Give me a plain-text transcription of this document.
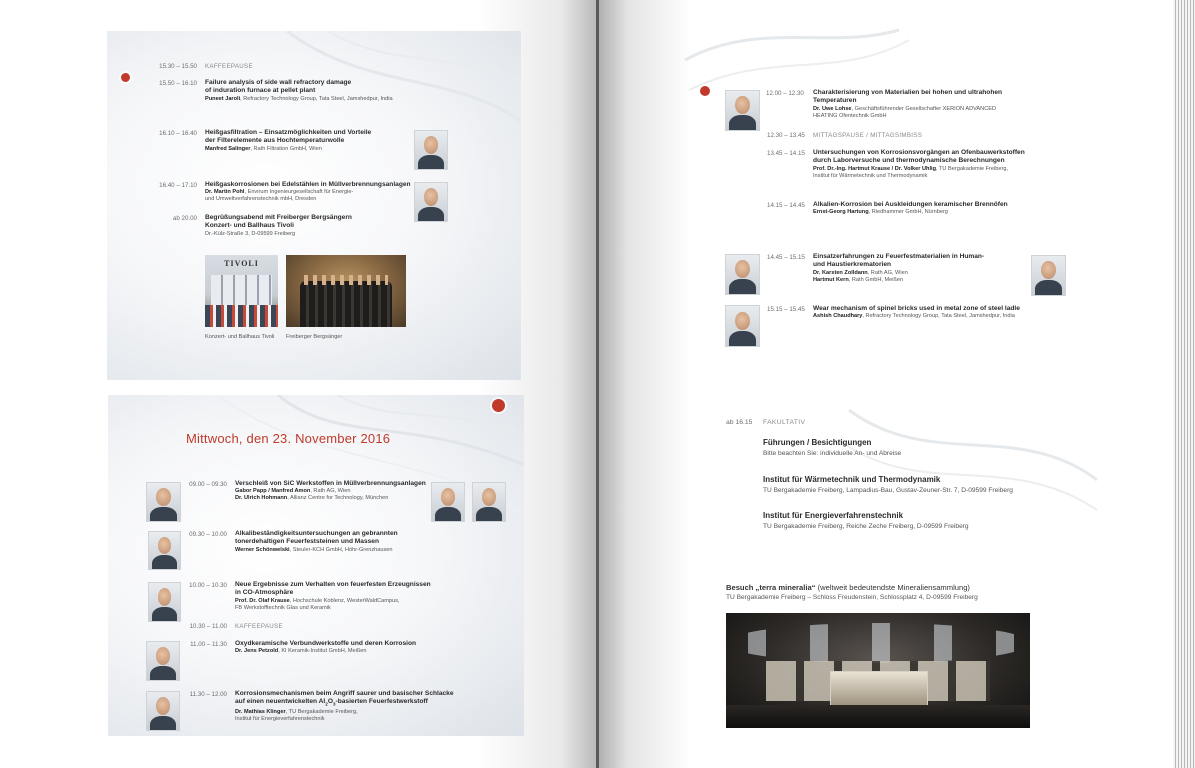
15.30 – 15.50 KAFFEEPAUSE
15.50 – 16.10 Failure analysis of side wall refractory damage
of induration furnace at pellet plant
Puneet Jaroli, Refractory Technology Group, Tata Steel, Jamshedpur, India
16.10 – 16.40 Heißgasfiltration – Einsatzmöglichkeiten und Vorteile
der Filterelemente aus Hochtemperaturwolle
Manfred Salinger, Rath Filtration GmbH, Wien
16.40 – 17.10 Heißgaskorrosionen bei Edelstählen in Müllverbrennungsanlagen
Dr. Martin Pohl, Envirum Ingenieurgesellschaft für Energie-
und Umweltverfahrenstechnik mbH, Dresden
ab 20.00 Begrüßungsabend mit Freiberger Bergsängern
Konzert- und Ballhaus Tivoli
Dr.-Külz-Straße 3, D-09599 Freiberg
TIVOLI
Konzert- und Ballhaus Tivoli Freiberger Bergsänger
Mittwoch, den 23. November 2016
09.00 – 09.30 Verschleiß von SiC Werkstoffen in Müllverbrennungsanlagen
Gabor Papp / Manfred Amon, Rath AG, Wien
Dr. Ulrich Hohmann, Allianz Centre for Technology, München
09.30 – 10.00 Alkalibeständigkeitsuntersuchungen an gebrannten
tonerdehaltigen Feuerfeststeinen und Massen
Werner Schönwelski, Steuler-KCH GmbH, Höhr-Grenzhausen
10.00 – 10.30 Neue Ergebnisse zum Verhalten von feuerfesten Erzeugnissen
in CO-Atmosphäre
Prof. Dr. Olaf Krause, Hochschule Koblenz, WesterWaldCampus,
FB Werkstofftechnik Glas und Keramik
10.30 – 11.00 KAFFEEPAUSE
11.00 – 11.30 Oxydkeramische Verbundwerkstoffe und deren Korrosion
Dr. Jens Petzold, KI Keramik-Institut GmbH, Meißen
11.30 – 12.00 Korrosionsmechanismen beim Angriff saurer und basischer Schlacke
auf einen neuentwickelten $Al_2O_3$-basierten Feuerfestwerkstoff
Dr. Mathias Klinger, TU Bergakademie Freiberg,
Institut für Energieverfahrenstechnik
12.00 – 12.30 Charakterisierung von Materialien bei hohen und ultrahohen
Temperaturen
Dr. Uwe Lohse, Geschäftsführender Gesellschafter XERION ADVANCED
HEATING Ofentechnik GmbH
12.30 – 13.45 MITTAGSPAUSE / MITTAGSIMBISS
13.45 – 14.15 Untersuchungen von Korrosionsvorgängen an Ofenbauwerkstoffen
durch Laborversuche und thermodynamische Berechnungen
Prof. Dr.-Ing. Hartmut Krause / Dr. Volker Uhlig, TU Bergakademie Freiberg,
Institut für Wärmetechnik und Thermodynamik
14.15 – 14.45 Alkalien-Korrosion bei Auskleidungen keramischer Brennöfen
Ernst-Georg Hartung, Riedhammer GmbH, Nürnberg
14.45 – 15.15 Einsatzerfahrungen zu Feuerfestmaterialien in Human-
und Haustierkrematorien
Dr. Karsten Zolldann, Rath AG, Wien
Hartmut Kern, Rath GmbH, Meißen
15.15 – 15.45 Wear mechanism of spinel bricks used in metal zone of steel ladle
Ashish Chaudhary, Refractory Technology Group, Tata Steel, Jamshedpur, India
ab 16.15 FAKULTATIV
Führungen / Besichtigungen
Bitte beachten Sie: individuelle An- und Abreise
Institut für Wärmetechnik und Thermodynamik
TU Bergakademie Freiberg, Lampadius-Bau, Gustav-Zeuner-Str. 7, D-09599 Freiberg
Institut für Energieverfahrenstechnik
TU Bergakademie Freiberg, Reiche Zeche Freiberg, D-09599 Freiberg
Besuch „terra mineralia“ (weltweit bedeutendste Mineraliensammlung)
TU Bergakademie Freiberg – Schloss Freudenstein, Schlossplatz 4, D-09599 Freiberg
